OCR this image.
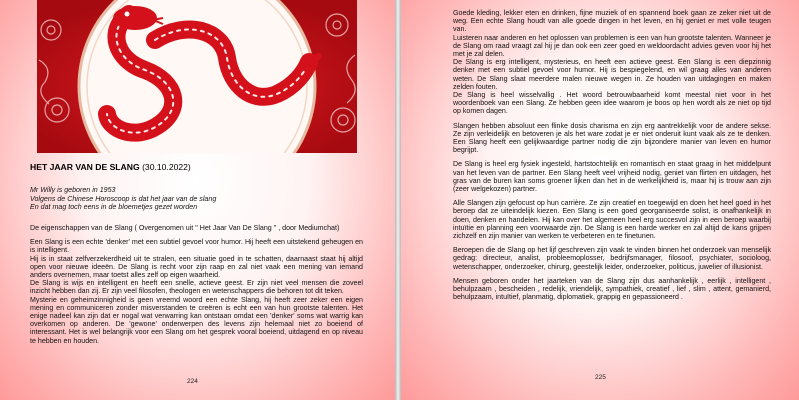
HET JAAR VAN DE SLANG (30.10.2022)
Mr Willy is geboren in 1953
Volgens de Chinese Horoscoop is dat het jaar van de slang
En dat mag toch eens in de bloemetjes gezet worden

De eigenschappen van de Slang ( Overgenomen uit " Het Jaar Van De Slang " , door Mediumchat)

Een Slang is een echte 'denker' met een subtiel gevoel voor humor. Hij heeft een uitstekend geheugen en is intelligent.

Hij is in staat zelfverzekerdheid uit te stralen, een situatie goed in te schatten, daarnaast staat hij altijd open voor nieuwe ideeën. De Slang is recht voor zijn raap en zal niet vaak een mening van iemand anders overnemen, maar toetst alles zelf op eigen waarheid.

De Slang is wijs en intelligent en heeft een snelle, actieve geest. Er zijn niet veel mensen die zoveel inzicht hebben dan zij. Er zijn veel filosofen, theologen en wetenschappers die behoren tot dit teken.

Mysterie en geheimzinnigheid is geen vreemd woord een echte Slang, hij heeft zeer zeker een eigen mening en communiceren zonder misverstanden te creëren is echt een van hun grootste talenten. Het enige nadeel kan zijn dat er nogal wat verwarring kan ontstaan omdat een 'denker' soms wat warrig kan overkomen op anderen. De 'gewone' onderwerpen des levens zijn helemaal niet zo boeiend of interessant. Het is wel belangrijk voor een Slang om het gesprek vooral boeiend, uitdagend en op niveau te hebben en houden.

224

Goede kleding, lekker eten en drinken, fijne muziek of en spannend boek gaan ze zeker niet uit de weg. Een echte Slang houdt van alle goede dingen in het leven, en hij geniet er met volle teugen van.

Luisteren naar anderen en het oplossen van problemen is een van hun grootste talenten. Wanneer je de Slang om raad vraagt zal hij je dan ook een zeer goed en weldoordacht advies geven voor hij het met je zal delen.

De Slang is erg intelligent, mysterieus, en heeft een actieve geest. Een Slang is een diepzinnig denker met een subtiel gevoel voor humor. Hij is bespiegelend, en wil graag alles van anderen weten. De Slang slaat meerdere malen nieuwe wegen in. Ze houden van uitdagingen en maken zelden fouten.

De Slang is heel wisselvallig . Het woord betrouwbaarheid komt meestal niet voor in het woordenboek van een Slang. Ze hebben geen idee waarom je boos op hen wordt als ze niet op tijd op komen dagen.

Slangen hebben absoluut een flinke dosis charisma en zijn erg aantrekkelijk voor de andere sekse. Ze zijn verleidelijk en betoveren je als het ware zodat je er niet onderuit kunt vaak als ze te denken. Een Slang heeft een gelijkwaardige partner nodig die zijn bijzondere manier van leven en humor begrijpt.

De Slang is heel erg fysiek ingesteld, hartstochtelijk en romantisch en staat graag in het middelpunt van het leven van de partner. Een Slang heeft veel vrijheid nodig, geniet van flirten en uitdagen, het gras van de buren kan soms groener lijken dan het in de werkelijkheid is, maar hij is trouw aan zijn (zeer welgekozen) partner.

Alle Slangen zijn gefocust op hun carrière. Ze zijn creatief en toegewijd en doen het heel goed in het beroep dat ze uiteindelijk kiezen. Een Slang is een goed georganiseerde solist, is onafhankelijk in doen, denken en handelen. Hij kan over het algemeen heel erg succesvol zijn in een beroep waarbij intuïtie en planning een voorwaarde zijn. De Slang is een harde werker en zal altijd de kans grijpen zichzelf en zijn manier van werken te verbeteren en te finetunen.

Beroepen die de Slang op het lijf geschreven zijn vaak te vinden binnen het onderzoek van menselijk gedrag: directeur, analist, probleemoplosser, bedrijfsmanager, filosoof, psychiater, socioloog, wetenschapper, onderzoeker, chirurg, geestelijk leider, onderzoeker, politicus, juwelier of illusionist.

Mensen geboren onder het jaarteken van de Slang zijn dus aanhankelijk , eerlijk , intelligent , behulpzaam , bescheiden , redelijk, vriendelijk, sympathiek, creatief , lief , slim , attent, gemanierd, behulpzaam, intuïtief, planmatig, diplomatiek, grappig en gepassioneerd .

225
